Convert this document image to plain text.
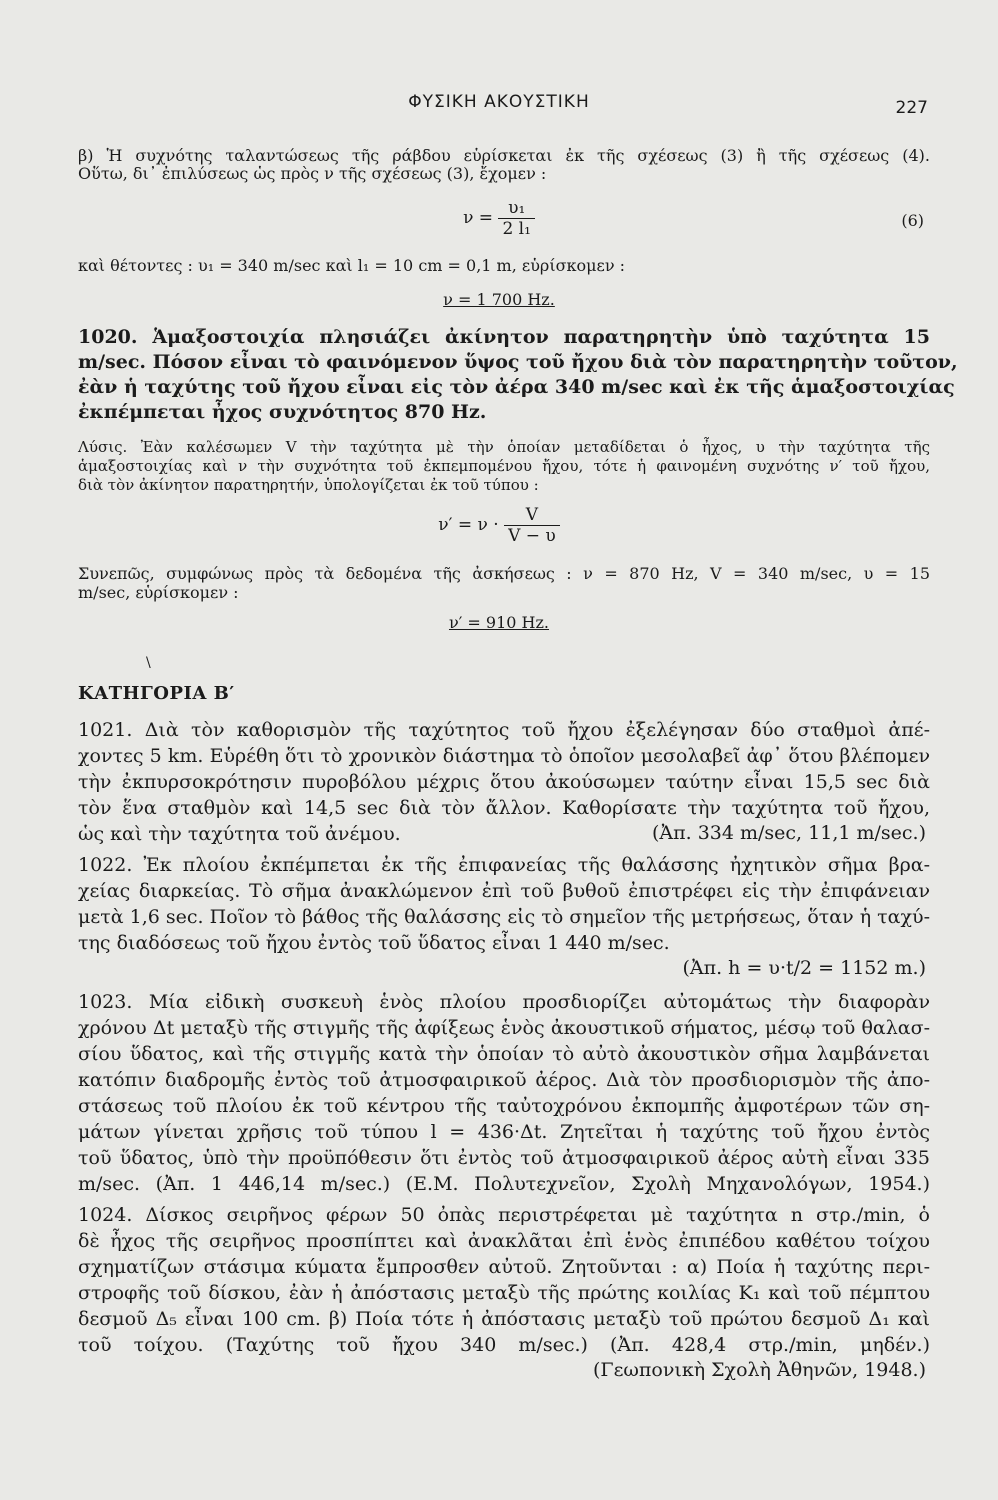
ΦΥΣΙΚΗ ΑΚΟΥΣΤΙΚΗ	227
β) Ἡ συχνότης ταλαντώσεως τῆς ράβδου εὑρίσκεται ἐκ τῆς σχέσεως (3) ἢ τῆς σχέσεως (4).
Οὕτω, δι᾽ ἐπιλύσεως ὡς πρὸς ν τῆς σχέσεως (3), ἔχομεν :
$\nu = \frac{\text{υ₁}}{\text{2 l₁}}$	(6)
καὶ θέτοντες : υ₁ = 340 m/sec καὶ l₁ = 10 cm = 0,1 m, εὑρίσκομεν :
ν = 1 700 Hz.
1020. Ἁμαξοστοιχία πλησιάζει ἀκίνητον παρατηρητὴν ὑπὸ ταχύτητα 15
m/sec. Πόσον εἶναι τὸ φαινόμενον ὕψος τοῦ ἤχου διὰ τὸν παρατηρητὴν τοῦτον,
ἐὰν ἡ ταχύτης τοῦ ἤχου εἶναι εἰς τὸν ἀέρα 340 m/sec καὶ ἐκ τῆς ἁμαξοστοιχίας
ἐκπέμπεται ἦχος συχνότητος 870 Hz.
Λύσις. Ἐὰν καλέσωμεν V τὴν ταχύτητα μὲ τὴν ὁποίαν μεταδίδεται ὁ ἦχος, υ τὴν ταχύτητα τῆς
ἁμαξοστοιχίας καὶ ν τὴν συχνότητα τοῦ ἐκπεμπομένου ἤχου, τότε ἡ φαινομένη συχνότης ν′ τοῦ ἤχου,
διὰ τὸν ἀκίνητον παρατηρητήν, ὑπολογίζεται ἐκ τοῦ τύπου :
$\nu' = \nu \cdot \frac{V}{V - \upsilon}$
Συνεπῶς, συμφώνως πρὸς τὰ δεδομένα τῆς ἀσκήσεως : ν = 870 Hz, V = 340 m/sec, υ = 15
m/sec, εὑρίσκομεν :
ν′ = 910 Hz.
\
ΚΑΤΗΓΟΡΙΑ Β′
1021. Διὰ τὸν καθορισμὸν τῆς ταχύτητος τοῦ ἤχου ἐξελέγησαν δύο σταθμοὶ ἀπέ-
χοντες 5 km. Εὑρέθη ὅτι τὸ χρονικὸν διάστημα τὸ ὁποῖον μεσολαβεῖ ἀφ᾽ ὅτου βλέπομεν
τὴν ἐκπυρσοκρότησιν πυροβόλου μέχρις ὅτου ἀκούσωμεν ταύτην εἶναι 15,5 sec διὰ
τὸν ἕνα σταθμὸν καὶ 14,5 sec διὰ τὸν ἄλλον. Καθορίσατε τὴν ταχύτητα τοῦ ἤχου,
ὡς καὶ τὴν ταχύτητα τοῦ ἀνέμου.	(Ἀπ. 334 m/sec, 11,1 m/sec.)
1022. Ἐκ πλοίου ἐκπέμπεται ἐκ τῆς ἐπιφανείας τῆς θαλάσσης ἠχητικὸν σῆμα βρα-
χείας διαρκείας. Τὸ σῆμα ἀνακλώμενον ἐπὶ τοῦ βυθοῦ ἐπιστρέφει εἰς τὴν ἐπιφάνειαν
μετὰ 1,6 sec. Ποῖον τὸ βάθος τῆς θαλάσσης εἰς τὸ σημεῖον τῆς μετρήσεως, ὅταν ἡ ταχύ-
της διαδόσεως τοῦ ἤχου ἐντὸς τοῦ ὕδατος εἶναι 1 440 m/sec.
(Ἀπ. h = υ·t/2 = 1152 m.)
1023. Μία εἰδικὴ συσκευὴ ἑνὸς πλοίου προσδιορίζει αὐτομάτως τὴν διαφορὰν
χρόνου Δt μεταξὺ τῆς στιγμῆς τῆς ἀφίξεως ἑνὸς ἀκουστικοῦ σήματος, μέσῳ τοῦ θαλασ-
σίου ὕδατος, καὶ τῆς στιγμῆς κατὰ τὴν ὁποίαν τὸ αὐτὸ ἀκουστικὸν σῆμα λαμβάνεται
κατόπιν διαδρομῆς ἐντὸς τοῦ ἀτμοσφαιρικοῦ ἀέρος. Διὰ τὸν προσδιορισμὸν τῆς ἀπο-
στάσεως τοῦ πλοίου ἐκ τοῦ κέντρου τῆς ταὐτοχρόνου ἐκπομπῆς ἀμφοτέρων τῶν ση-
μάτων γίνεται χρῆσις τοῦ τύπου l = 436·Δt. Ζητεῖται ἡ ταχύτης τοῦ ἤχου ἐντὸς
τοῦ ὕδατος, ὑπὸ τὴν προϋπόθεσιν ὅτι ἐντὸς τοῦ ἀτμοσφαιρικοῦ ἀέρος αὐτὴ εἶναι 335
m/sec. (Ἀπ. 1 446,14 m/sec.) (Ε.Μ. Πολυτεχνεῖον, Σχολὴ Μηχανολόγων, 1954.)
1024. Δίσκος σειρῆνος φέρων 50 ὀπὰς περιστρέφεται μὲ ταχύτητα n στρ./min, ὁ
δὲ ἦχος τῆς σειρῆνος προσπίπτει καὶ ἀνακλᾶται ἐπὶ ἑνὸς ἐπιπέδου καθέτου τοίχου
σχηματίζων στάσιμα κύματα ἔμπροσθεν αὐτοῦ. Ζητοῦνται : α) Ποία ἡ ταχύτης περι-
στροφῆς τοῦ δίσκου, ἐὰν ἡ ἀπόστασις μεταξὺ τῆς πρώτης κοιλίας K₁ καὶ τοῦ πέμπτου
δεσμοῦ Δ₅ εἶναι 100 cm. β) Ποία τότε ἡ ἀπόστασις μεταξὺ τοῦ πρώτου δεσμοῦ Δ₁ καὶ
τοῦ τοίχου. (Ταχύτης τοῦ ἤχου 340 m/sec.) (Ἀπ. 428,4 στρ./min, μηδέν.)
(Γεωπονικὴ Σχολὴ Ἀθηνῶν, 1948.)
